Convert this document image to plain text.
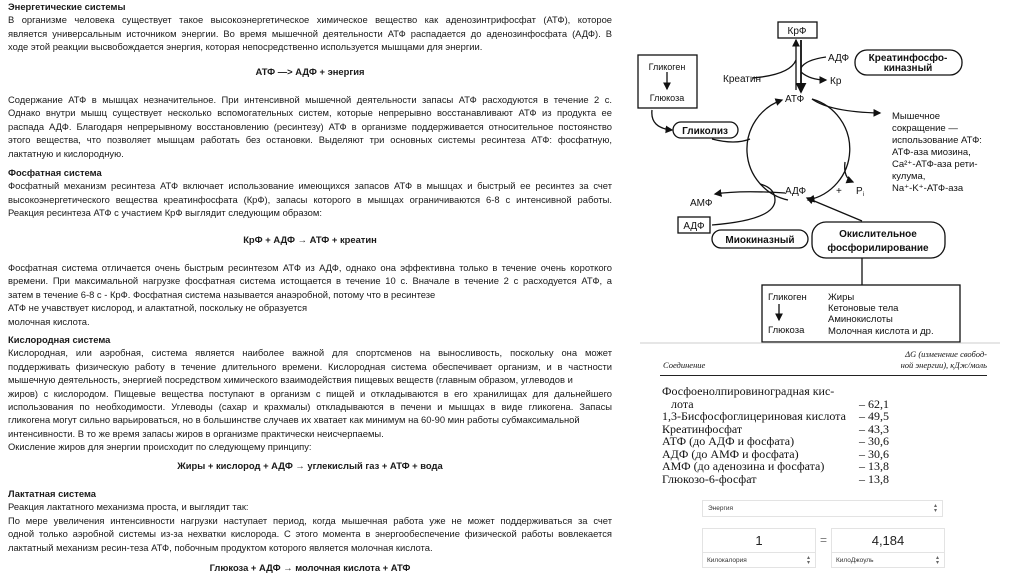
Энергетические системы
В организме человека существует такое высокоэнергетическое химическое вещество как аденозинтрифосфат (АТФ), которое
является универсальным источником энергии. Во время мышечной деятельности АТФ распадается до аденозинфосфата (АДФ). В
ходе этой реакции высвобождается энергия, которая непосредственно используется мышцами для энергии.
АТФ —> АДФ + энергия
Содержание АТФ в мышцах незначительное. При интенсивной мышечной деятельности запасы АТФ расходуются в течение 2 с.
Однако внутри мышц существует несколько вспомогательных систем, которые непрерывно восстанавливают АТФ из продукта ее
распада АДФ. Благодаря непрерывному восстановлению (ресинтезу) АТФ в организме поддерживается относительное постоянство
этого вещества, что позволяет мышцам работать без остановки. Выделяют три основных системы ресинтеза АТФ: фосфатную,
лактатную и кислородную.
Фосфатная система
Фосфатный механизм ресинтеза АТФ включает использование имеющихся запасов АТФ в мышцах и быстрый ее ресинтез за счет
высокоэнергетического вещества креатинфосфата (КрФ), запасы которого в мышцах ограничиваются 6-8 с интенсивной работы.
Реакция ресинтеза АТФ с участием КрФ выглядит следующим образом:
КрФ + АДФ → АТФ + креатин
Фосфатная система отличается очень быстрым ресинтезом АТФ из АДФ, однако она эффективна только в течение очень короткого
времени. При максимальной нагрузке фосфатная система истощается в течение 10 с. Вначале в течение 2 с расходуется АТФ, а
затем в течение 6-8 с - КрФ. Фосфатная система называется анаэробной, потому что в ресинтезе
АТФ не учавствует кислород, и алактатной, поскольку не образуется
молочная кислота.
Кислородная система
Кислородная, или аэробная, система является наиболее важной для спортсменов на выносливость, поскольку она может
поддерживать физическую работу в течение длительного времени. Кислородная система обеспечивает организм, и в частности
мышечную деятельность, энергией посредством химического взаимодействия пищевых веществ (главным образом, углеводов и
жиров) с кислородом. Пищевые вещества поступают в организм с пищей и откладываются в его хранилищах для дальнейшего
использования по необходимости. Углеводы (сахар и крахмалы) откладываются в печени и мышцах в виде гликогена. Запасы
гликогена могут сильно варьироваться, но в большинстве случаев их хватает как минимум на 60-90 мин работы субмаксимальной
интенсивности. В то же время запасы жиров в организме практически неисчерпаемы.
Окисление жиров для энергии происходит по следующему принципу:
Жиры + кислород + АДФ → углекислый газ + АТФ + вода
Лактатная система
Реакция лактатного механизма проста, и выглядит так:
По мере увеличения интенсивности нагрузки наступает период, когда мышечная работа уже не может поддерживаться за счет
одной только аэробной системы из-за нехватки кислорода. С этого момента в энергообеспечение физической работы вовлекается
лактатный механизм ресин-теза АТФ, побочным продуктом которого является молочная кислота.
Глюкоза + АДФ → молочная кислота + АТФ
КрФ
Креатин
АДФ
Кр
Креатинфосфо-
киназный
Гликоген
Глюкоза
Гликолиз
АТФ
АДФ	+ $P_i$
Мышечное
сокращение —
использование АТФ:
АТФ-аза миозина,
Ca²⁺-АТФ-аза рети-
кулума,
Na⁺-K⁺-АТФ-аза
АМФ
АДФ
Миокиназный
Окислительное
фосфорилирование
Гликоген
Глюкоза
Жиры
Кетоновые тела
Аминокислоты
Молочная кислота и др.
Соединение
ΔG (изменение свобод-
ной энергии), кДж/моль
Фосфоенолпировиноградная кис-
лота	– 62,1
1,3-Бисфосфоглицериновая кислота – 49,5
Креатинфосфат	– 43,3
АТФ (до АДФ и фосфата)	– 30,6
АДФ (до АМФ и фосфата)	– 30,6
АМФ (до аденозина и фосфата)	– 13,8
Глюкозо-6-фосфат	– 13,8
Энергия	▴
▾
1
Килокалория	▴
▾
=	4,184
КилоДжоуль	▴
▾
